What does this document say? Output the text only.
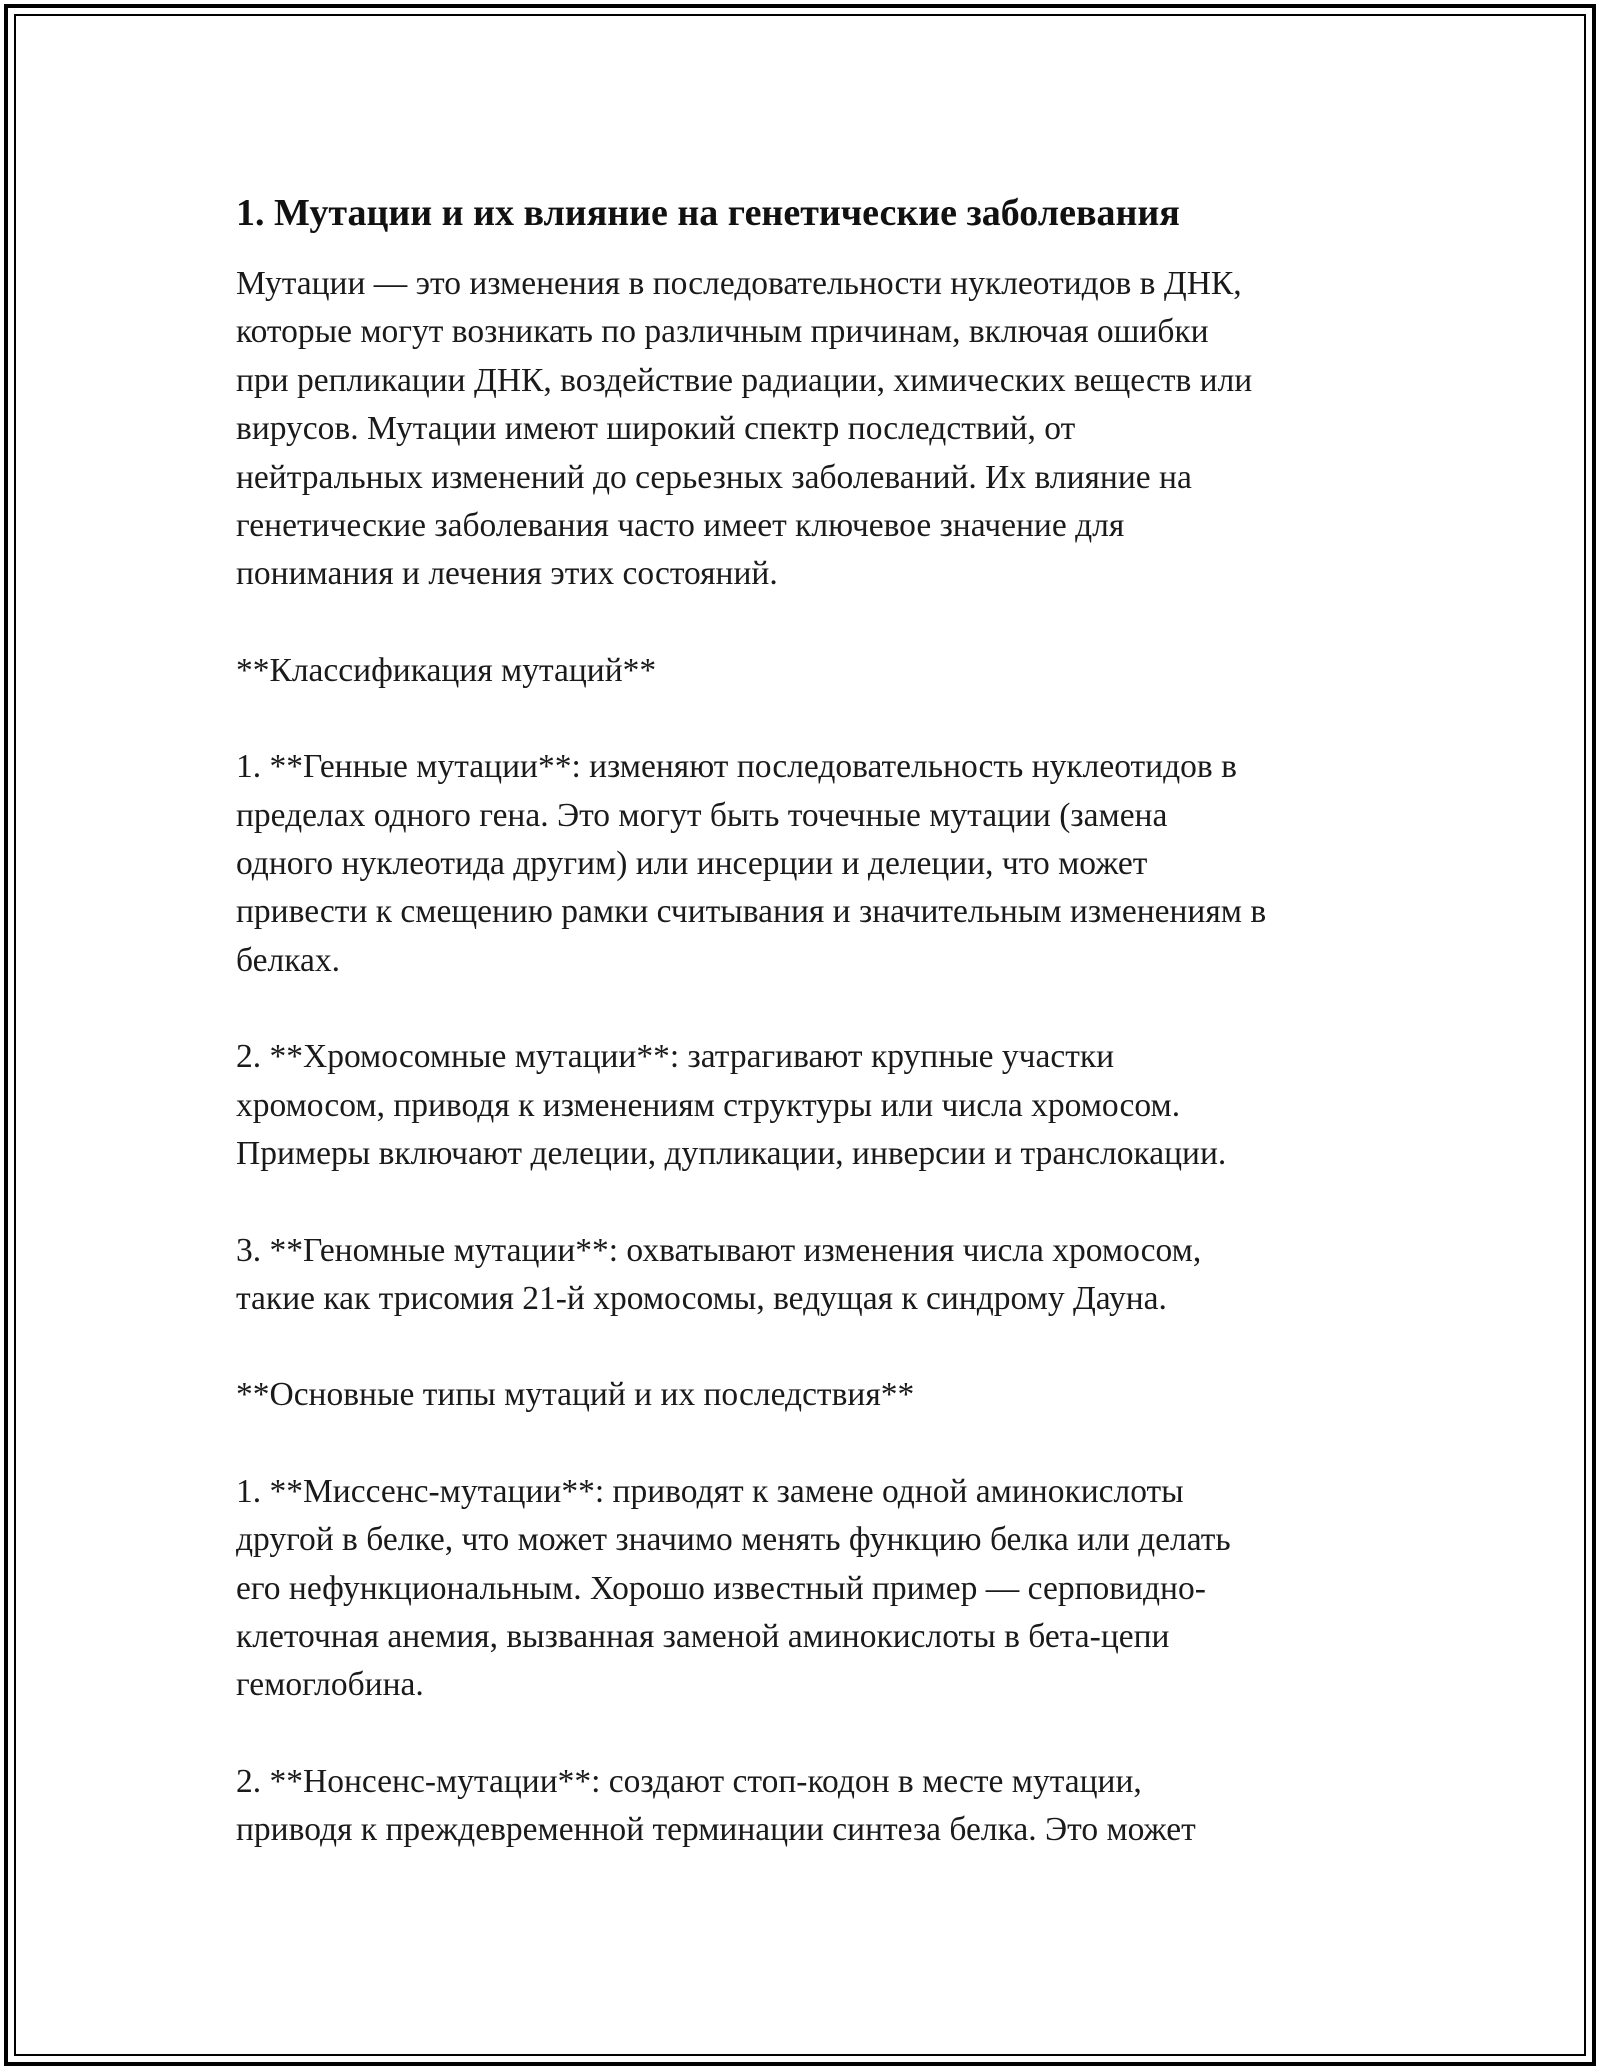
1. Мутации и их влияние на генетические заболевания

Мутации — это изменения в последовательности нуклеотидов в ДНК,
которые могут возникать по различным причинам, включая ошибки
при репликации ДНК, воздействие радиации, химических веществ или
вирусов. Мутации имеют широкий спектр последствий, от
нейтральных изменений до серьезных заболеваний. Их влияние на
генетические заболевания часто имеет ключевое значение для
понимания и лечения этих состояний.

**Классификация мутаций**

1. **Генные мутации**: изменяют последовательность нуклеотидов в
пределах одного гена. Это могут быть точечные мутации (замена
одного нуклеотида другим) или инсерции и делеции, что может
привести к смещению рамки считывания и значительным изменениям в
белках.

2. **Хромосомные мутации**: затрагивают крупные участки
хромосом, приводя к изменениям структуры или числа хромосом.
Примеры включают делеции, дупликации, инверсии и транслокации.

3. **Геномные мутации**: охватывают изменения числа хромосом,
такие как трисомия 21-й хромосомы, ведущая к синдрому Дауна.

**Основные типы мутаций и их последствия**

1. **Миссенс-мутации**: приводят к замене одной аминокислоты
другой в белке, что может значимо менять функцию белка или делать
его нефункциональным. Хорошо известный пример — серповидно-
клеточная анемия, вызванная заменой аминокислоты в бета-цепи
гемоглобина.

2. **Нонсенс-мутации**: создают стоп-кодон в месте мутации,
приводя к преждевременной терминации синтеза белка. Это может
